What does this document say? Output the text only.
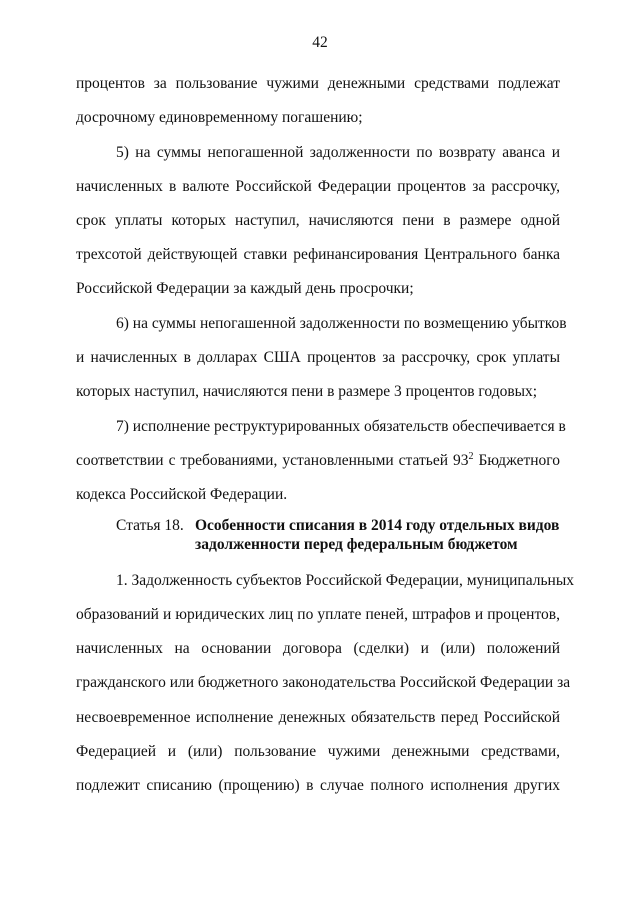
42
процентов за пользование чужими денежными средствами подлежат
досрочному единовременному погашению;
5) на суммы непогашенной задолженности по возврату аванса и
начисленных в валюте Российской Федерации процентов за рассрочку,
срок уплаты которых наступил, начисляются пени в размере одной
трехсотой действующей ставки рефинансирования Центрального банка
Российской Федерации за каждый день просрочки;
6) на суммы непогашенной задолженности по возмещению убытков
и начисленных в долларах США процентов за рассрочку, срок уплаты
которых наступил, начисляются пени в размере 3 процентов годовых;
7) исполнение реструктурированных обязательств обеспечивается в
соответствии с требованиями, установленными статьей $93^2$ Бюджетного
кодекса Российской Федерации.
Статья 18. Особенности списания в 2014 году отдельных видов
задолженности перед федеральным бюджетом
1. Задолженность субъектов Российской Федерации, муниципальных
образований и юридических лиц по уплате пеней, штрафов и процентов,
начисленных на основании договора (сделки) и (или) положений
гражданского или бюджетного законодательства Российской Федерации за
несвоевременное исполнение денежных обязательств перед Российской
Федерацией и (или) пользование чужими денежными средствами,
подлежит списанию (прощению) в случае полного исполнения других
